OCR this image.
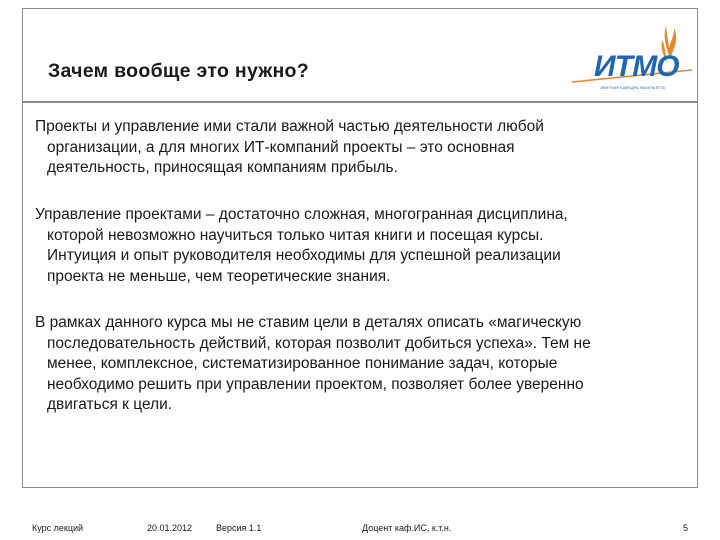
Зачем вообще это нужно?	ИТМО
ЭЛИТНАЯ КАФЕДРА ФАКУЛЬТЕТА
Проекты и управление ими стали важной частью деятельности любой
организации, а для многих ИТ-компаний проекты – это основная
деятельность, приносящая компаниям прибыль.
Управление проектами – достаточно сложная, многогранная дисциплина,
которой невозможно научиться только читая книги и посещая курсы.
Интуиция и опыт руководителя необходимы для успешной реализации
проекта не меньше, чем теоретические знания.
В рамках данного курса мы не ставим цели в деталях описать «магическую
последовательность действий, которая позволит добиться успеха». Тем не
менее, комплексное, систематизированное понимание задач, которые
необходимо решить при управлении проектом, позволяет более уверенно
двигаться к цели.
Курс лекций	20.01.2012	Версия 1.1	Доцент каф.ИС, к.т.н.	5
